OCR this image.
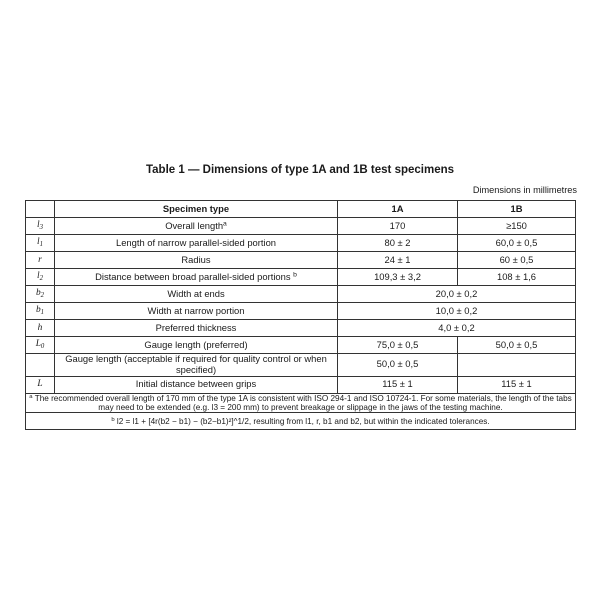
Table 1 — Dimensions of type 1A and 1B test specimens
Dimensions in millimetres
	Specimen type	1A	1B
$l_3$	Overall length$^a$	170	≥150
$l_1$	Length of narrow parallel-sided portion	80 ± 2	60,0 ± 0,5
r	Radius	24 ± 1	60 ± 0,5
$l_2$	Distance between broad parallel-sided portions $^b$	109,3 ± 3,2	108 ± 1,6
$b_2$	Width at ends	20,0 ± 0,2	
$b_1$	Width at narrow portion	10,0 ± 0,2	
h	Preferred thickness	4,0 ± 0,2	
$L_0$	Gauge length (preferred)	75,0 ± 0,5	50,0 ± 0,5
	Gauge length (acceptable if required for quality control or when specified)	50,0 ± 0,5	
L	Initial distance between grips	115 ± 1	115 ± 1
$^a$ The recommended overall length of 170 mm of the type 1A is consistent with ISO 294-1 and ISO 10724-1. For some materials, the length of the tabs may need to be extended (e.g. l3 = 200 mm) to prevent breakage or slippage in the jaws of the testing machine.			
$^b$ l2 = l1 + [4r(b2 − b1) − (b2−b1)²]^1/2, resulting from l1, r, b1 and b2, but within the indicated tolerances.			
